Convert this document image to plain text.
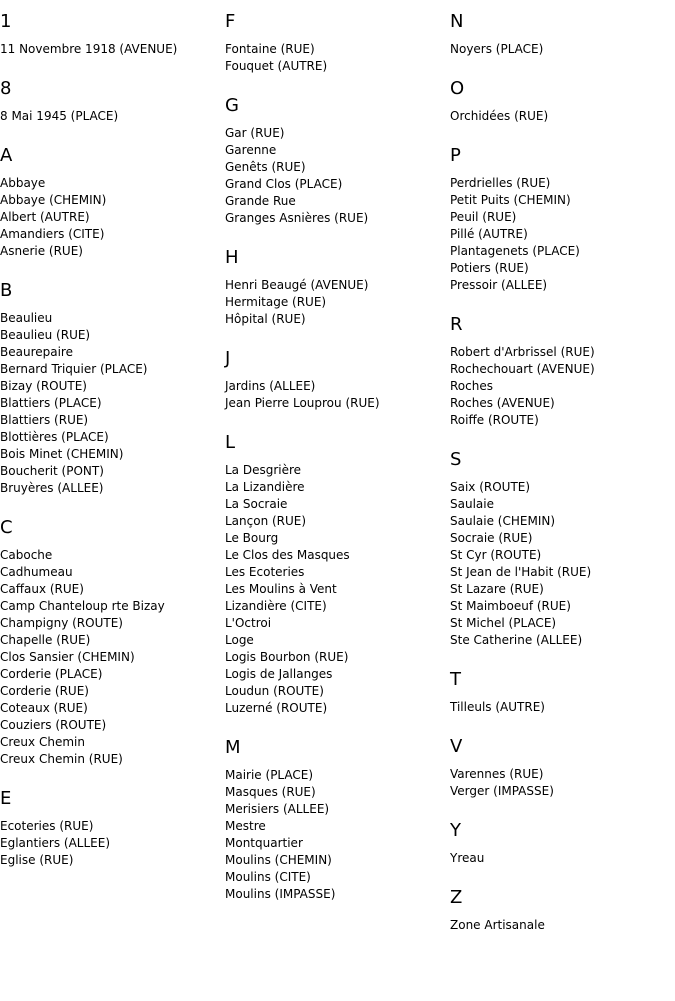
1
11 Novembre 1918 (AVENUE)
8
8 Mai 1945 (PLACE)
A
Abbaye
Abbaye (CHEMIN)
Albert (AUTRE)
Amandiers (CITE)
Asnerie (RUE)
B
Beaulieu
Beaulieu (RUE)
Beaurepaire
Bernard Triquier (PLACE)
Bizay (ROUTE)
Blattiers (PLACE)
Blattiers (RUE)
Blottières (PLACE)
Bois Minet (CHEMIN)
Boucherit (PONT)
Bruyères (ALLEE)
C
Caboche
Cadhumeau
Caffaux (RUE)
Camp Chanteloup rte Bizay
Champigny (ROUTE)
Chapelle (RUE)
Clos Sansier (CHEMIN)
Corderie (PLACE)
Corderie (RUE)
Coteaux (RUE)
Couziers (ROUTE)
Creux Chemin
Creux Chemin (RUE)
E
Ecoteries (RUE)
Eglantiers (ALLEE)
Eglise (RUE)
F
Fontaine (RUE)
Fouquet (AUTRE)
G
Gar (RUE)
Garenne
Genêts (RUE)
Grand Clos (PLACE)
Grande Rue
Granges Asnières (RUE)
H
Henri Beaugé (AVENUE)
Hermitage (RUE)
Hôpital (RUE)
J
Jardins (ALLEE)
Jean Pierre Louprou (RUE)
L
La Desgrière
La Lizandière
La Socraie
Lançon (RUE)
Le Bourg
Le Clos des Masques
Les Ecoteries
Les Moulins à Vent
Lizandière (CITE)
L'Octroi
Loge
Logis Bourbon (RUE)
Logis de Jallanges
Loudun (ROUTE)
Luzerné (ROUTE)
M
Mairie (PLACE)
Masques (RUE)
Merisiers (ALLEE)
Mestre
Montquartier
Moulins (CHEMIN)
Moulins (CITE)
Moulins (IMPASSE)
N
Noyers (PLACE)
O
Orchidées (RUE)
P
Perdrielles (RUE)
Petit Puits (CHEMIN)
Peuil (RUE)
Pillé (AUTRE)
Plantagenets (PLACE)
Potiers (RUE)
Pressoir (ALLEE)
R
Robert d'Arbrissel (RUE)
Rochechouart (AVENUE)
Roches
Roches (AVENUE)
Roiffe (ROUTE)
S
Saix (ROUTE)
Saulaie
Saulaie (CHEMIN)
Socraie (RUE)
St Cyr (ROUTE)
St Jean de l'Habit (RUE)
St Lazare (RUE)
St Maimboeuf (RUE)
St Michel (PLACE)
Ste Catherine (ALLEE)
T
Tilleuls (AUTRE)
V
Varennes (RUE)
Verger (IMPASSE)
Y
Yreau
Z
Zone Artisanale
